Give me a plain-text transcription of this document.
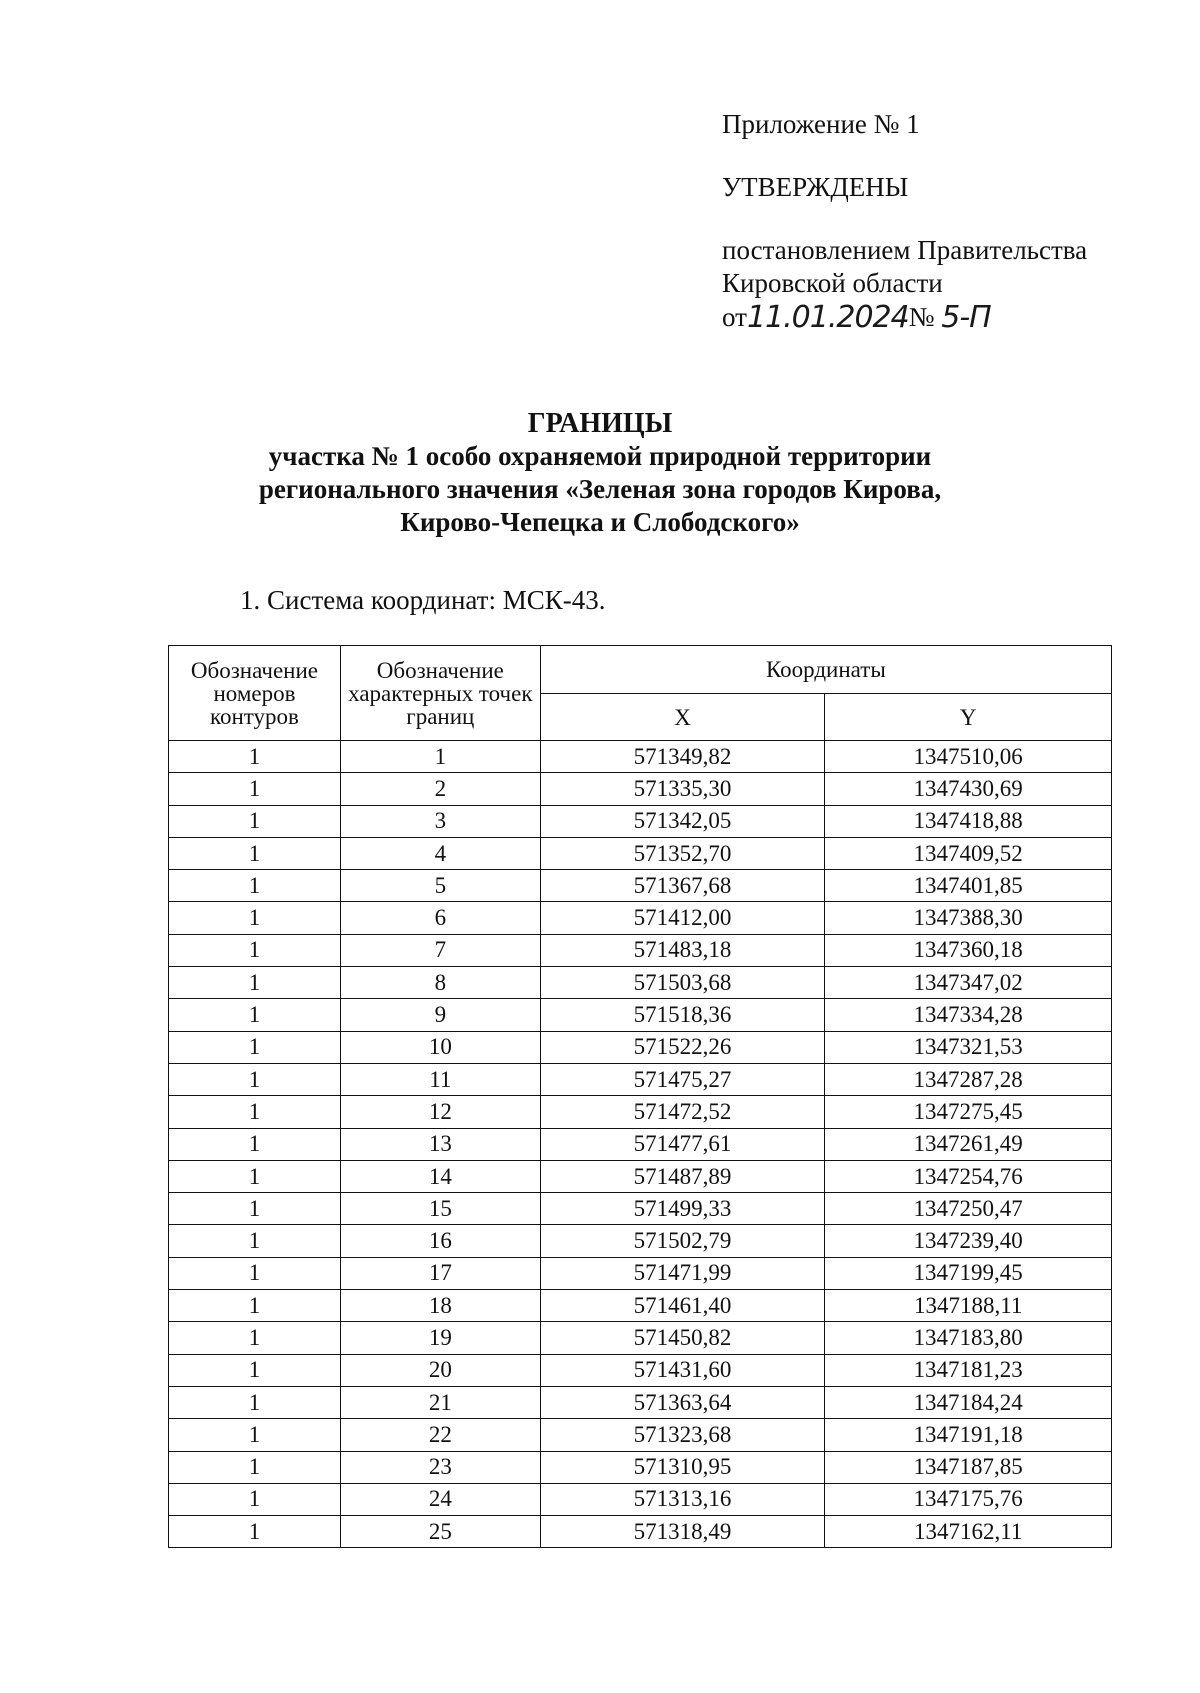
Приложение № 1
УТВЕРЖДЕНЫ
постановлением Правительства
Кировской области
от11.01.2024№ 5-П
ГРАНИЦЫ
участка № 1 особо охраняемой природной территории
регионального значения «Зеленая зона городов Кирова,
Кирово-Чепецка и Слободского»
1. Система координат: МСК-43.
Обозначение номеров контуров	Обозначение характерных точек границ	Координаты	
		X	Y
1	1	571349,82	1347510,06
1	2	571335,30	1347430,69
1	3	571342,05	1347418,88
1	4	571352,70	1347409,52
1	5	571367,68	1347401,85
1	6	571412,00	1347388,30
1	7	571483,18	1347360,18
1	8	571503,68	1347347,02
1	9	571518,36	1347334,28
1	10	571522,26	1347321,53
1	11	571475,27	1347287,28
1	12	571472,52	1347275,45
1	13	571477,61	1347261,49
1	14	571487,89	1347254,76
1	15	571499,33	1347250,47
1	16	571502,79	1347239,40
1	17	571471,99	1347199,45
1	18	571461,40	1347188,11
1	19	571450,82	1347183,80
1	20	571431,60	1347181,23
1	21	571363,64	1347184,24
1	22	571323,68	1347191,18
1	23	571310,95	1347187,85
1	24	571313,16	1347175,76
1	25	571318,49	1347162,11
